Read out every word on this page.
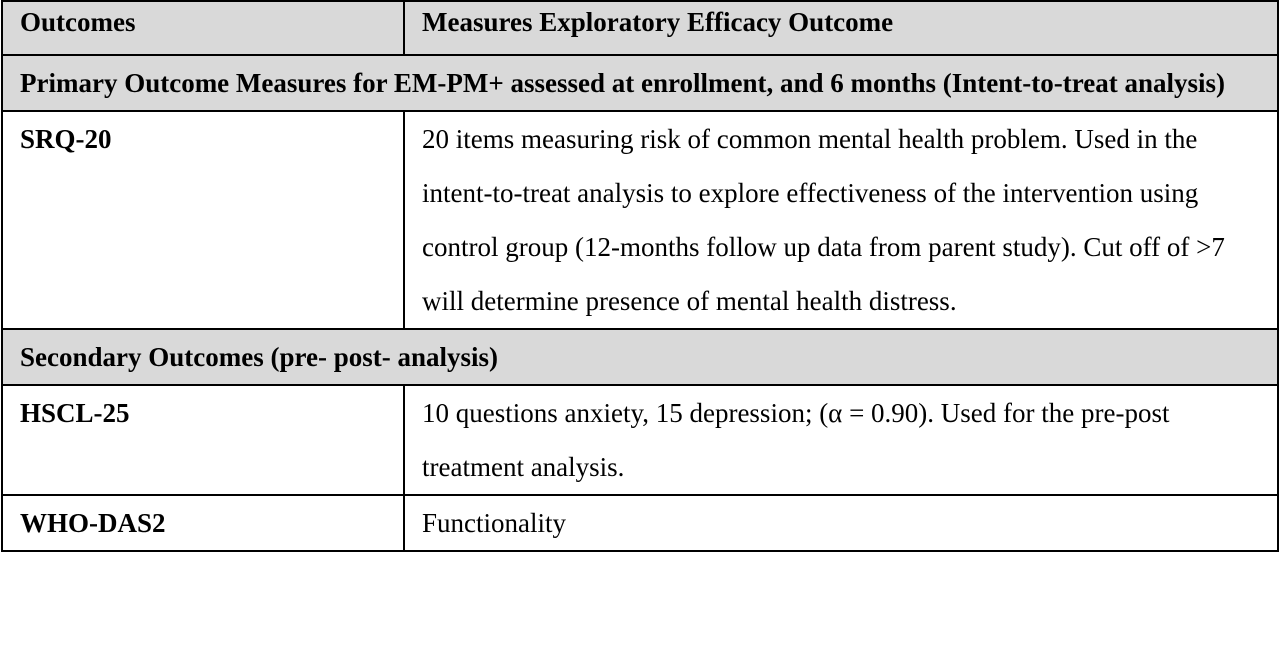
Outcomes	Measures Exploratory Efficacy Outcome
Primary Outcome Measures for EM-PM+ assessed at enrollment, and 6 months (Intent-to-treat analysis)	
SRQ-20	20 items measuring risk of common mental health problem. Used in the intent-to-treat analysis to explore effectiveness of the intervention using control group (12-months follow up data from parent study). Cut off of >7 will determine presence of mental health distress.
Secondary Outcomes (pre- post- analysis)	
HSCL-25	10 questions anxiety, 15 depression; (α = 0.90). Used for the pre-post treatment analysis.
WHO-DAS2	Functionality
